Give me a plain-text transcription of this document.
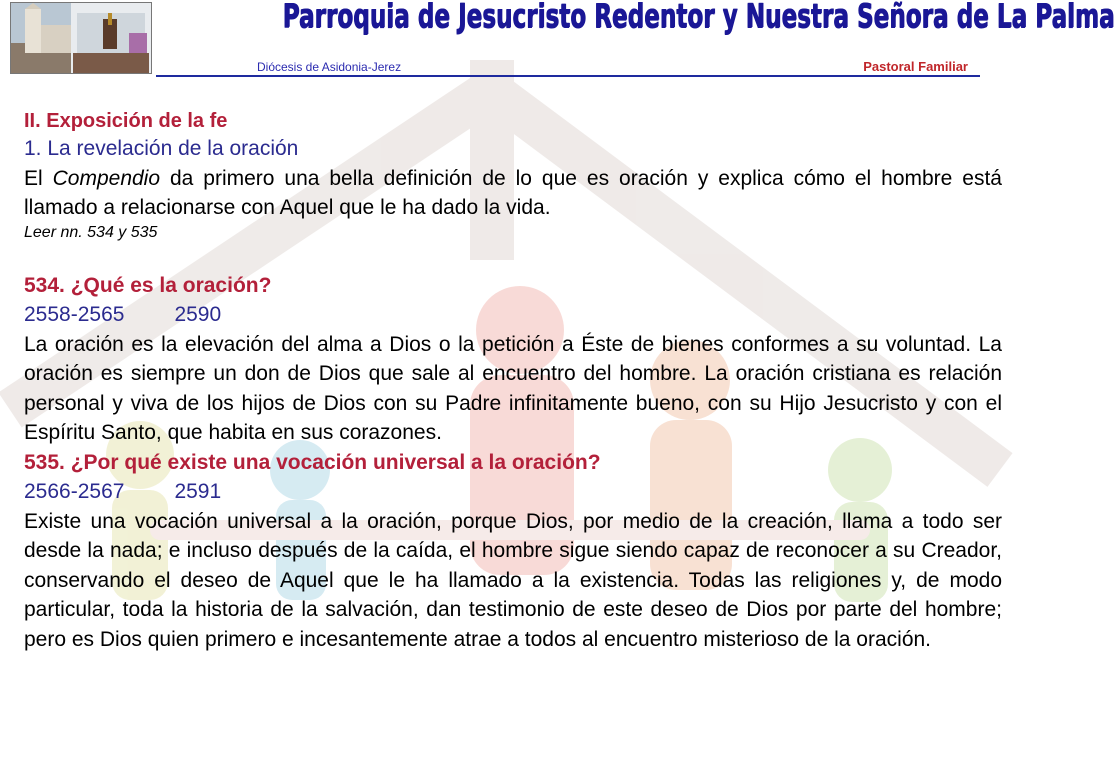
Parroquia de Jesucristo Redentor y Nuestra Señora de La Palma
Diócesis de Asidonia-Jerez	Pastoral Familiar

II. Exposición de la fe

1. La revelación de la oración

El Compendio da primero una bella definición de lo que es oración y explica cómo el hombre está llamado a relacionarse con Aquel que le ha dado la vida.

Leer nn. 534 y 535

534. ¿Qué es la oración?

2558-2565 2590

La oración es la elevación del alma a Dios o la petición a Éste de bienes conformes a su voluntad. La oración es siempre un don de Dios que sale al encuentro del hombre. La oración cristiana es relación personal y viva de los hijos de Dios con su Padre infinitamente bueno, con su Hijo Jesucristo y con el Espíritu Santo, que habita en sus corazones.

535. ¿Por qué existe una vocación universal a la oración?

2566-2567 2591

Existe una vocación universal a la oración, porque Dios, por medio de la creación, llama a todo ser desde la nada; e incluso después de la caída, el hombre sigue siendo capaz de reconocer a su Creador, conservando el deseo de Aquel que le ha llamado a la existencia. Todas las religiones y, de modo particular, toda la historia de la salvación, dan testimonio de este deseo de Dios por parte del hombre; pero es Dios quien primero e incesantemente atrae a todos al encuentro misterioso de la oración.
